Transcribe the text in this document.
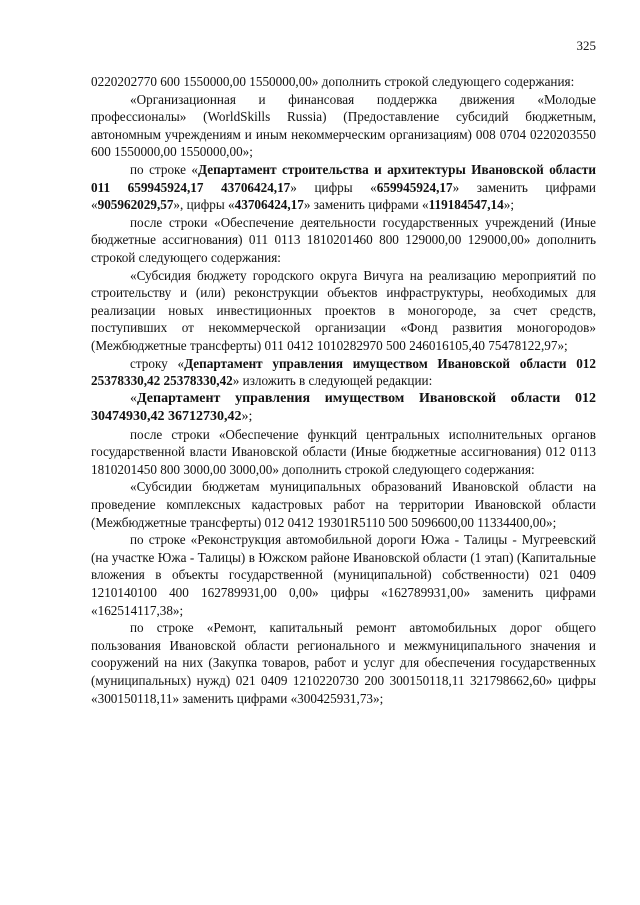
325

0220202770 600 1550000,00 1550000,00» дополнить строкой следующего содержания:

«Организационная и финансовая поддержка движения «Молодые профессионалы» (WorldSkills Russia) (Предоставление субсидий бюджетным, автономным учреждениям и иным некоммерческим организациям) 008 0704 0220203550 600 1550000,00 1550000,00»;

по строке «Департамент строительства и архитектуры Ивановской области 011 659945924,17 43706424,17» цифры «659945924,17» заменить цифрами «905962029,57», цифры «43706424,17» заменить цифрами «119184547,14»;

после строки «Обеспечение деятельности государственных учреждений (Иные бюджетные ассигнования) 011 0113 1810201460 800 129000,00 129000,00» дополнить строкой следующего содержания:

«Субсидия бюджету городского округа Вичуга на реализацию мероприятий по строительству и (или) реконструкции объектов инфраструктуры, необходимых для реализации новых инвестиционных проектов в моногороде, за счет средств, поступивших от некоммерческой организации «Фонд развития моногородов» (Межбюджетные трансферты) 011 0412 1010282970 500 246016105,40 75478122,97»;

строку «Департамент управления имуществом Ивановской области 012 25378330,42 25378330,42» изложить в следующей редакции:

«Департамент управления имуществом Ивановской области 012 30474930,42 36712730,42»;

после строки «Обеспечение функций центральных исполнительных органов государственной власти Ивановской области (Иные бюджетные ассигнования) 012 0113 1810201450 800 3000,00 3000,00» дополнить строкой следующего содержания:

«Субсидии бюджетам муниципальных образований Ивановской области на проведение комплексных кадастровых работ на территории Ивановской области (Межбюджетные трансферты) 012 0412 19301R5110 500 5096600,00 11334400,00»;

по строке «Реконструкция автомобильной дороги Южа - Талицы - Мугреевский (на участке Южа - Талицы) в Южском районе Ивановской области (1 этап) (Капитальные вложения в объекты государственной (муниципальной) собственности) 021 0409 1210140100 400 162789931,00 0,00» цифры «162789931,00» заменить цифрами «162514117,38»;

по строке «Ремонт, капитальный ремонт автомобильных дорог общего пользования Ивановской области регионального и межмуниципального значения и сооружений на них (Закупка товаров, работ и услуг для обеспечения государственных (муниципальных) нужд) 021 0409 1210220730 200 300150118,11 321798662,60» цифры «300150118,11» заменить цифрами «300425931,73»;
